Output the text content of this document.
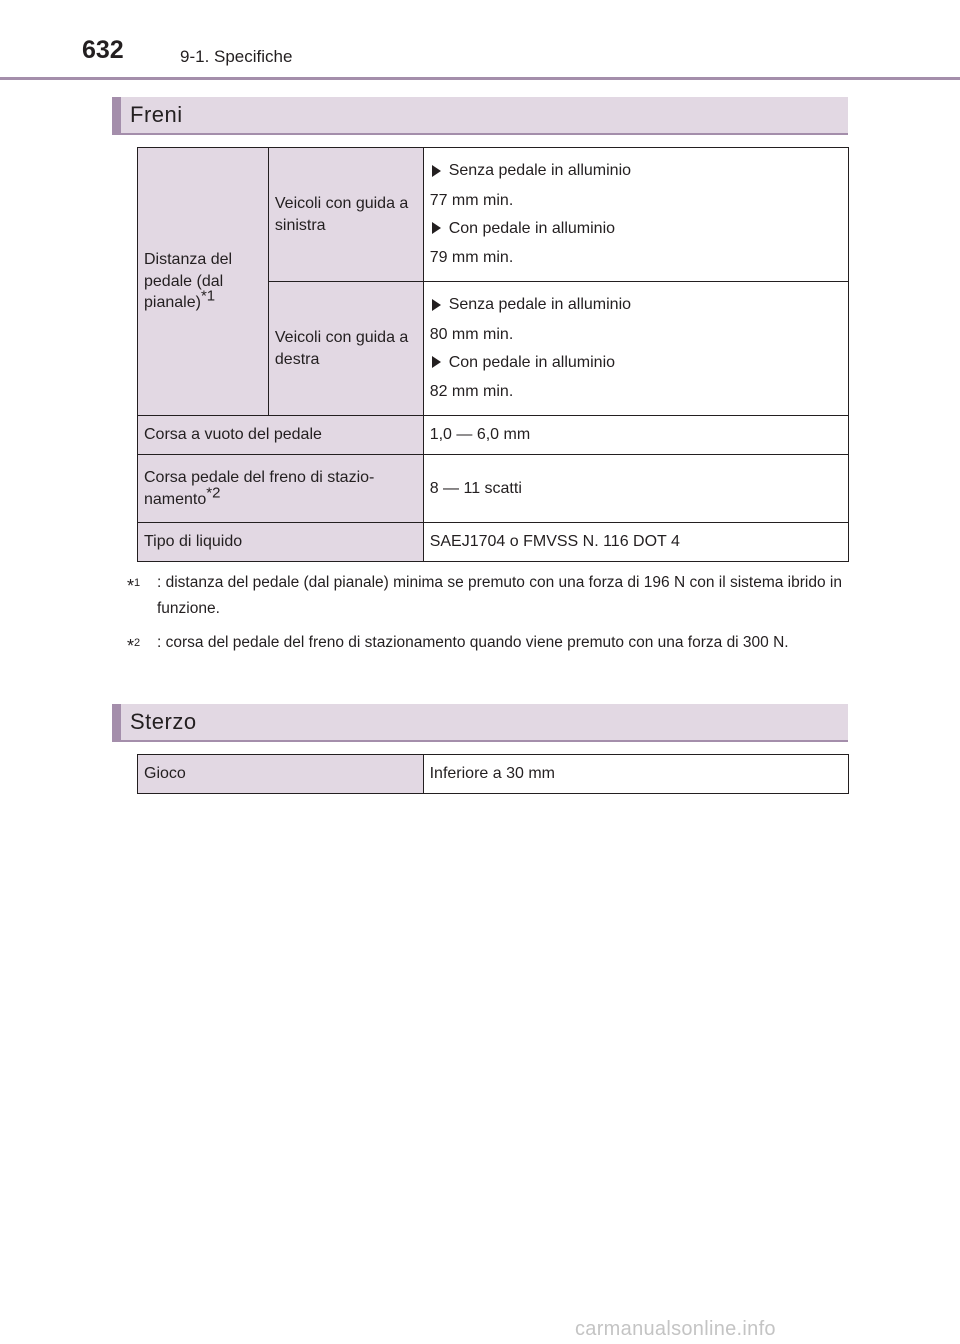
632	9-1. Specifiche
Freni
Distanza del pedale (dal pianale)$^{*1}$	Veicoli con guida a sinistra	Senza pedale in alluminio
77 mm min.
Con pedale in alluminio
79 mm min.

	Veicoli con guida a destra	Senza pedale in alluminio
80 mm min.
Con pedale in alluminio
82 mm min.

Corsa a vuoto del pedale		1,0 — 6,0 mm
Corsa pedale del freno di stazio-namento$^{*2}$		8 — 11 scatti
Tipo di liquido		SAEJ1704 o FMVSS N. 116 DOT 4
*$^1$	: distanza del pedale (dal pianale) minima se premuto con una forza di 196 N con il sistema ibrido in funzione.
*$^2$	: corsa del pedale del freno di stazionamento quando viene premuto con una forza di 300 N.
Sterzo
Gioco	Inferiore a 30 mm
carmanualsonline.info
